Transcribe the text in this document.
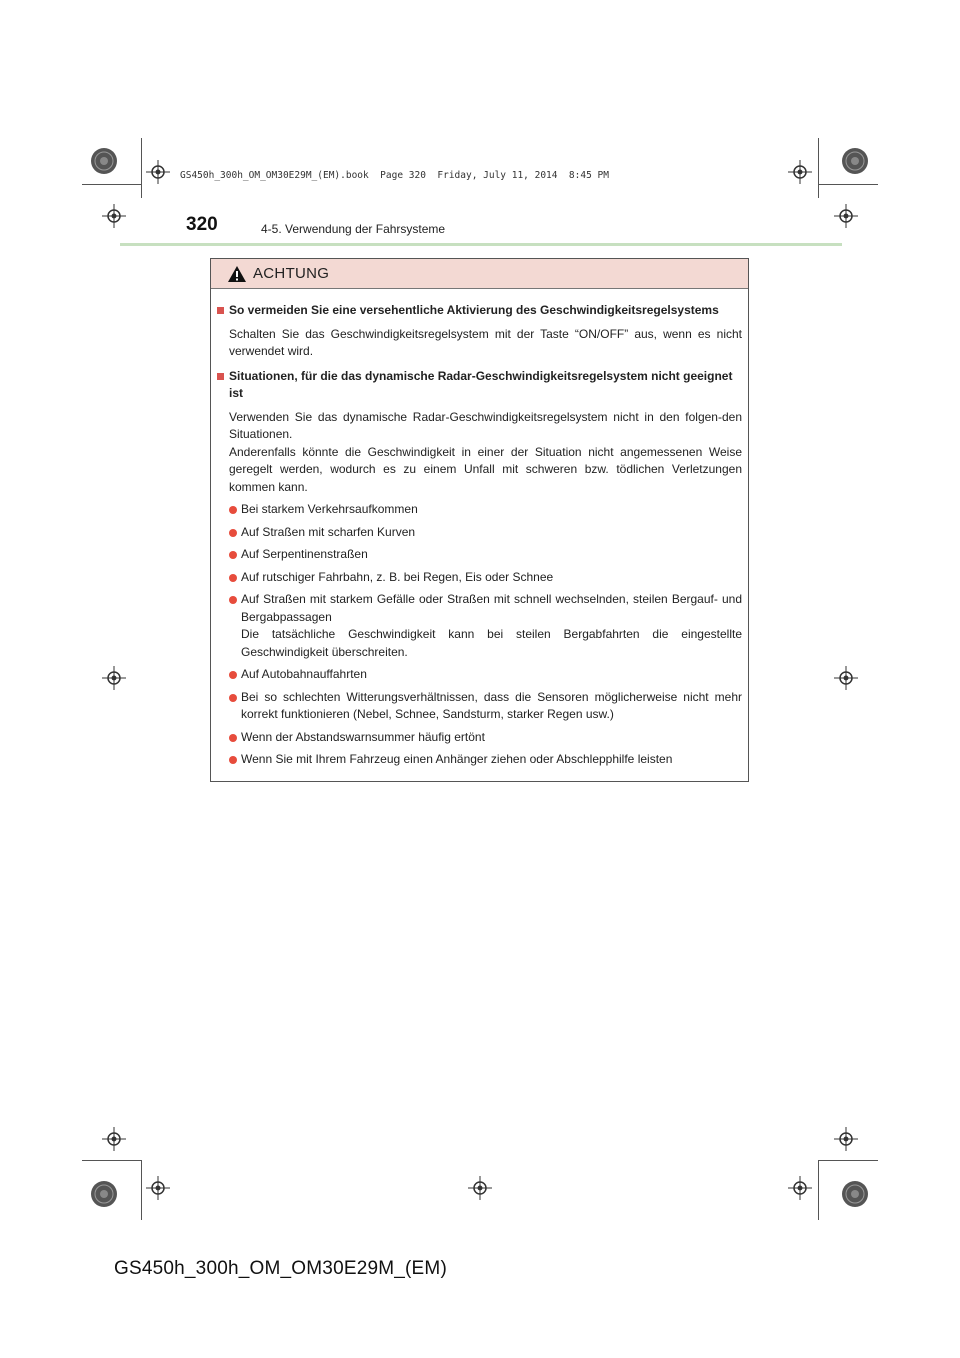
GS450h_300h_OM_OM30E29M_(EM).book  Page 320  Friday, July 11, 2014  8:45 PM
320	4-5. Verwendung der Fahrsysteme
ACHTUNG
So vermeiden Sie eine versehentliche Aktivierung des Geschwindigkeitsregelsystems
Schalten Sie das Geschwindigkeitsregelsystem mit der Taste “ON/OFF” aus, wenn es nicht verwendet wird.
Situationen, für die das dynamische Radar-Geschwindigkeitsregelsystem nicht geeignet ist
Verwenden Sie das dynamische Radar-Geschwindigkeitsregelsystem nicht in den folgen-den Situationen.
Anderenfalls könnte die Geschwindigkeit in einer der Situation nicht angemessenen Weise geregelt werden, wodurch es zu einem Unfall mit schweren bzw. tödlichen Verletzungen kommen kann.
Bei starkem Verkehrsaufkommen
Auf Straßen mit scharfen Kurven
Auf Serpentinenstraßen
Auf rutschiger Fahrbahn, z. B. bei Regen, Eis oder Schnee
Auf Straßen mit starkem Gefälle oder Straßen mit schnell wechselnden, steilen Bergauf- und Bergabpassagen
Die tatsächliche Geschwindigkeit kann bei steilen Bergabfahrten die eingestellte Geschwindigkeit überschreiten.
Auf Autobahnauffahrten
Bei so schlechten Witterungsverhältnissen, dass die Sensoren möglicherweise nicht mehr korrekt funktionieren (Nebel, Schnee, Sandsturm, starker Regen usw.)
Wenn der Abstandswarnsummer häufig ertönt
Wenn Sie mit Ihrem Fahrzeug einen Anhänger ziehen oder Abschlepphilfe leisten
GS450h_300h_OM_OM30E29M_(EM)
